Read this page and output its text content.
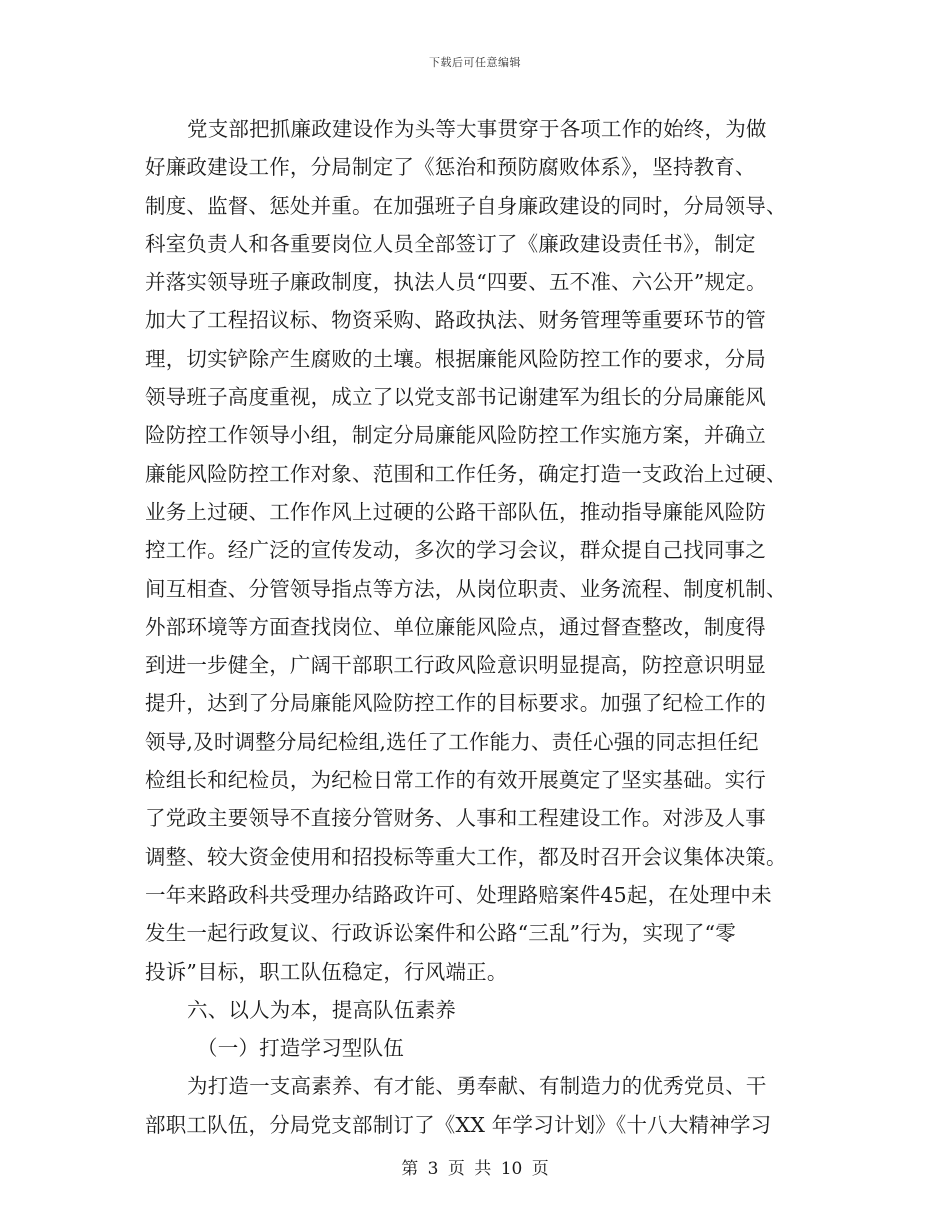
下载后可任意编辑
党支部把抓廉政建设作为头等大事贯穿于各项工作的始终，为做
好廉政建设工作，分局制定了《惩治和预防腐败体系》，坚持教育、
制度、监督、惩处并重。在加强班子自身廉政建设的同时，分局领导、
科室负责人和各重要岗位人员全部签订了《廉政建设责任书》，制定
并落实领导班子廉政制度，执法人员“四要、五不准、六公开”规定。
加大了工程招议标、物资采购、路政执法、财务管理等重要环节的管
理，切实铲除产生腐败的土壤。根据廉能风险防控工作的要求，分局
领导班子高度重视，成立了以党支部书记谢建军为组长的分局廉能风
险防控工作领导小组，制定分局廉能风险防控工作实施方案，并确立
廉能风险防控工作对象、范围和工作任务，确定打造一支政治上过硬、
业务上过硬、工作作风上过硬的公路干部队伍，推动指导廉能风险防
控工作。经广泛的宣传发动，多次的学习会议，群众提自己找同事之
间互相查、分管领导指点等方法，从岗位职责、业务流程、制度机制、
外部环境等方面查找岗位、单位廉能风险点，通过督查整改，制度得
到进一步健全，广阔干部职工行政风险意识明显提高，防控意识明显
提升，达到了分局廉能风险防控工作的目标要求。加强了纪检工作的
领导,及时调整分局纪检组,选任了工作能力、责任心强的同志担任纪
检组长和纪检员，为纪检日常工作的有效开展奠定了坚实基础。实行
了党政主要领导不直接分管财务、人事和工程建设工作。对涉及人事
调整、较大资金使用和招投标等重大工作，都及时召开会议集体决策。
一年来路政科共受理办结路政许可、处理路赔案件45起，在处理中未
发生一起行政复议、行政诉讼案件和公路“三乱”行为，实现了“零
投诉”目标，职工队伍稳定，行风端正。
六、以人为本，提高队伍素养
（一）打造学习型队伍
为打造一支高素养、有才能、勇奉献、有制造力的优秀党员、干
部职工队伍，分局党支部制订了《XX 年学习计划》《十八大精神学习
第 3 页 共 10 页
